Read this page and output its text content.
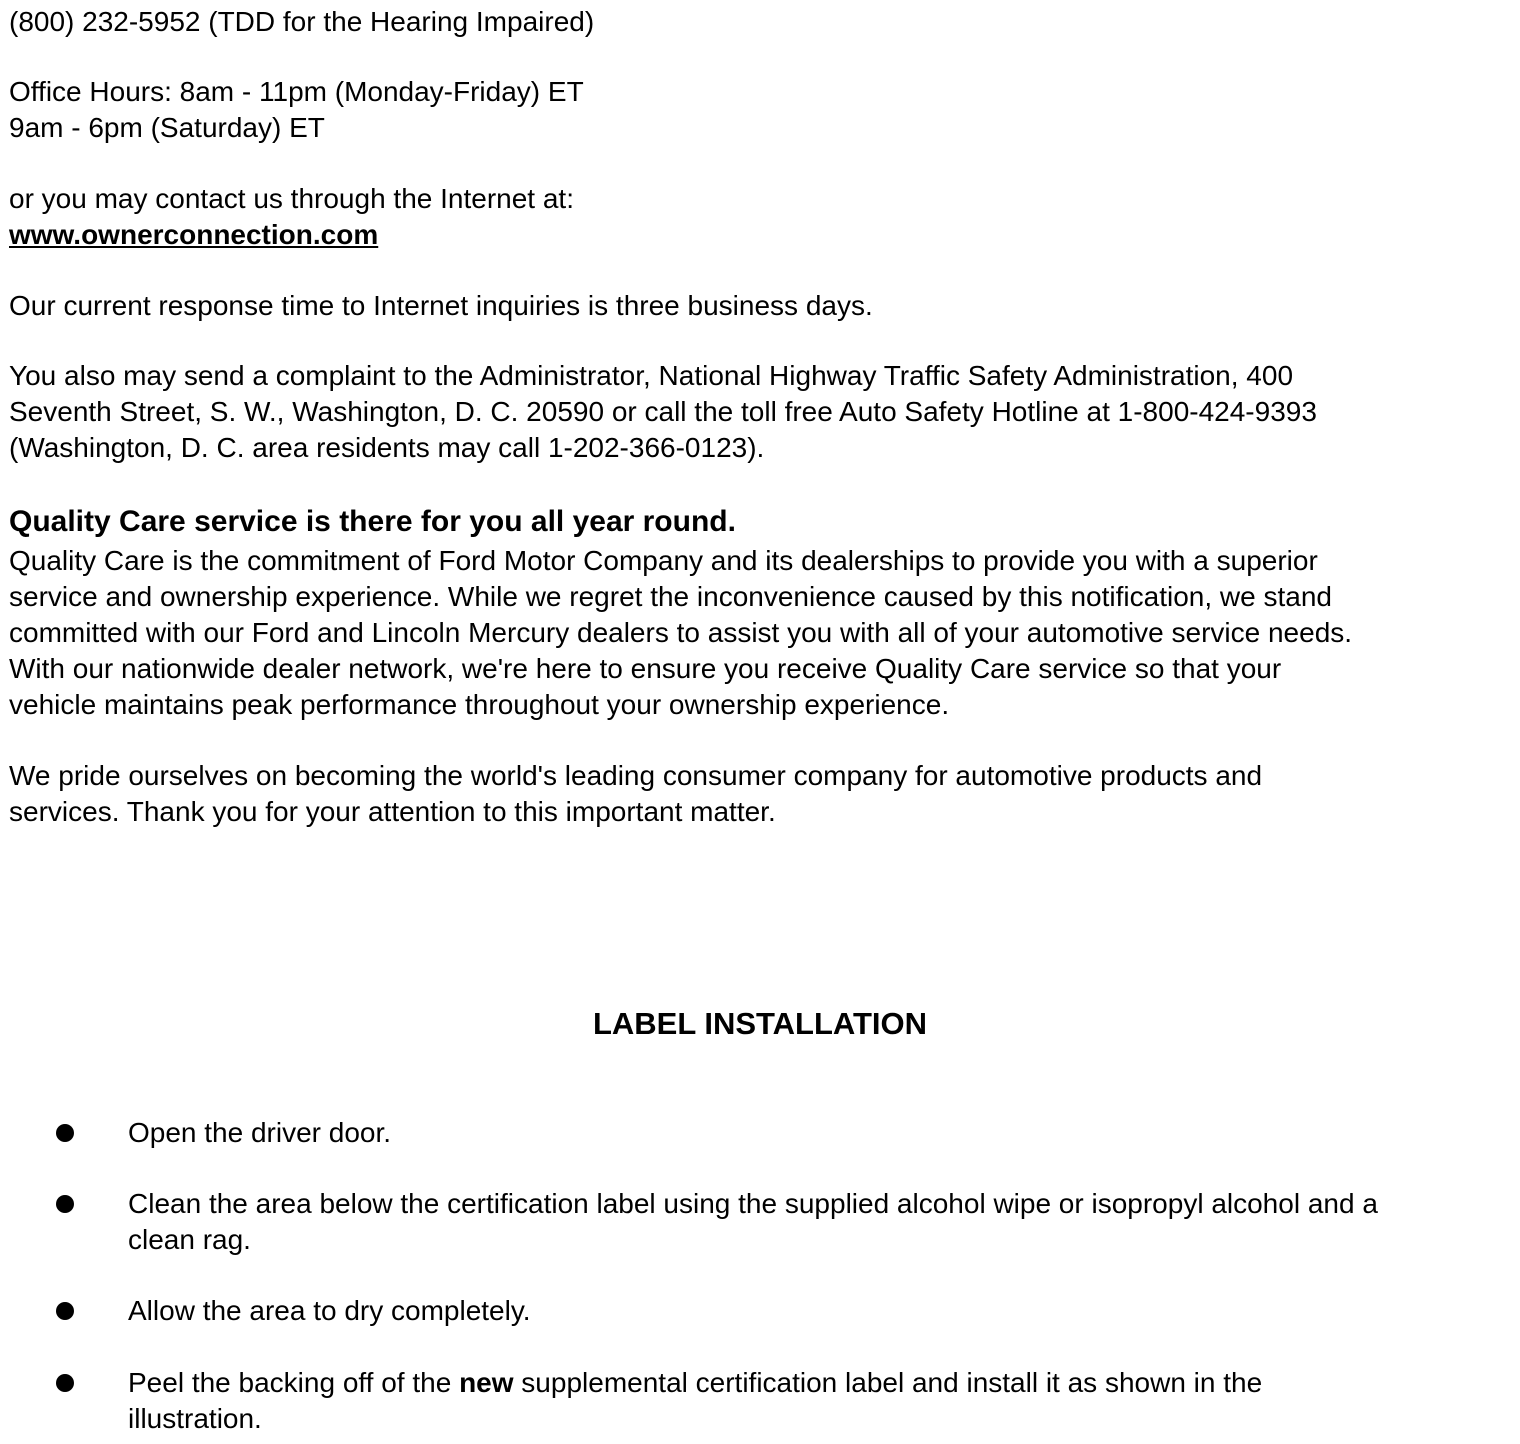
(800) 232-5952 (TDD for the Hearing Impaired)
Office Hours: 8am - 11pm (Monday-Friday) ET
9am - 6pm (Saturday) ET
or you may contact us through the Internet at:
www.ownerconnection.com
Our current response time to Internet inquiries is three business days.
You also may send a complaint to the Administrator, National Highway Traffic Safety Administration, 400
Seventh Street, S. W., Washington, D. C. 20590 or call the toll free Auto Safety Hotline at 1-800-424-9393
(Washington, D. C. area residents may call 1-202-366-0123).
Quality Care service is there for you all year round.
Quality Care is the commitment of Ford Motor Company and its dealerships to provide you with a superior
service and ownership experience. While we regret the inconvenience caused by this notification, we stand
committed with our Ford and Lincoln Mercury dealers to assist you with all of your automotive service needs.
With our nationwide dealer network, we're here to ensure you receive Quality Care service so that your
vehicle maintains peak performance throughout your ownership experience.
We pride ourselves on becoming the world's leading consumer company for automotive products and
services. Thank you for your attention to this important matter.
LABEL INSTALLATION
Open the driver door.
Clean the area below the certification label using the supplied alcohol wipe or isopropyl alcohol and a
clean rag.
Allow the area to dry completely.
Peel the backing off of the new supplemental certification label and install it as shown in the
illustration.
